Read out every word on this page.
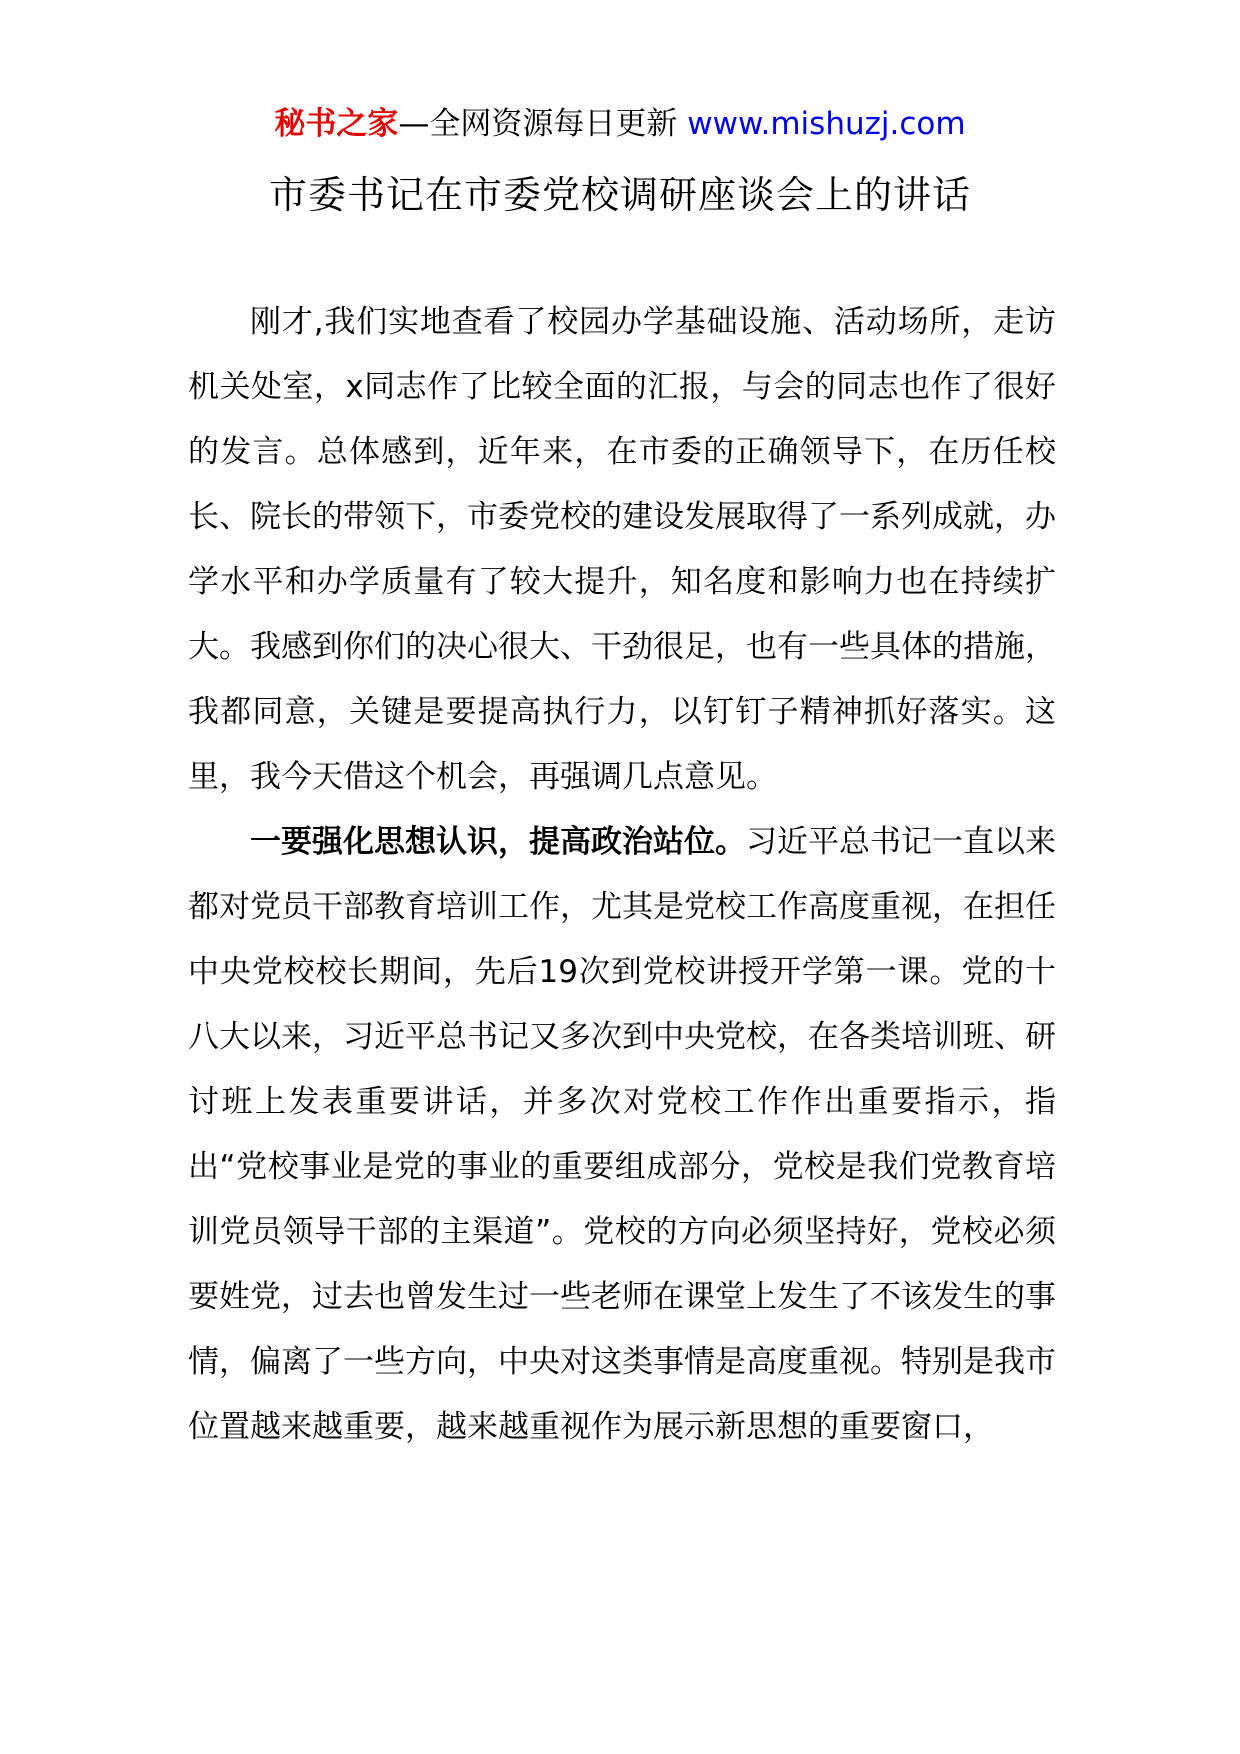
秘书之家—全网资源每日更新 www.mishuzj.com
市委书记在市委党校调研座谈会上的讲话

刚才,我们实地查看了校园办学基础设施、活动场所，走访机关处室，x同志作了比较全面的汇报，与会的同志也作了很好的发言。总体感到，近年来，在市委的正确领导下，在历任校长、院长的带领下，市委党校的建设发展取得了一系列成就，办学水平和办学质量有了较大提升，知名度和影响力也在持续扩大。我感到你们的决心很大、干劲很足，也有一些具体的措施，我都同意，关键是要提高执行力，以钉钉子精神抓好落实。这里，我今天借这个机会，再强调几点意见。

一要强化思想认识，提高政治站位。习近平总书记一直以来都对党员干部教育培训工作，尤其是党校工作高度重视，在担任中央党校校长期间，先后19次到党校讲授开学第一课。党的十八大以来，习近平总书记又多次到中央党校，在各类培训班、研讨班上发表重要讲话，并多次对党校工作作出重要指示，指出“党校事业是党的事业的重要组成部分，党校是我们党教育培训党员领导干部的主渠道”。党校的方向必须坚持好，党校必须要姓党，过去也曾发生过一些老师在课堂上发生了不该发生的事情，偏离了一些方向，中央对这类事情是高度重视。特别是我市位置越来越重要，越来越重视作为展示新思想的重要窗口，
